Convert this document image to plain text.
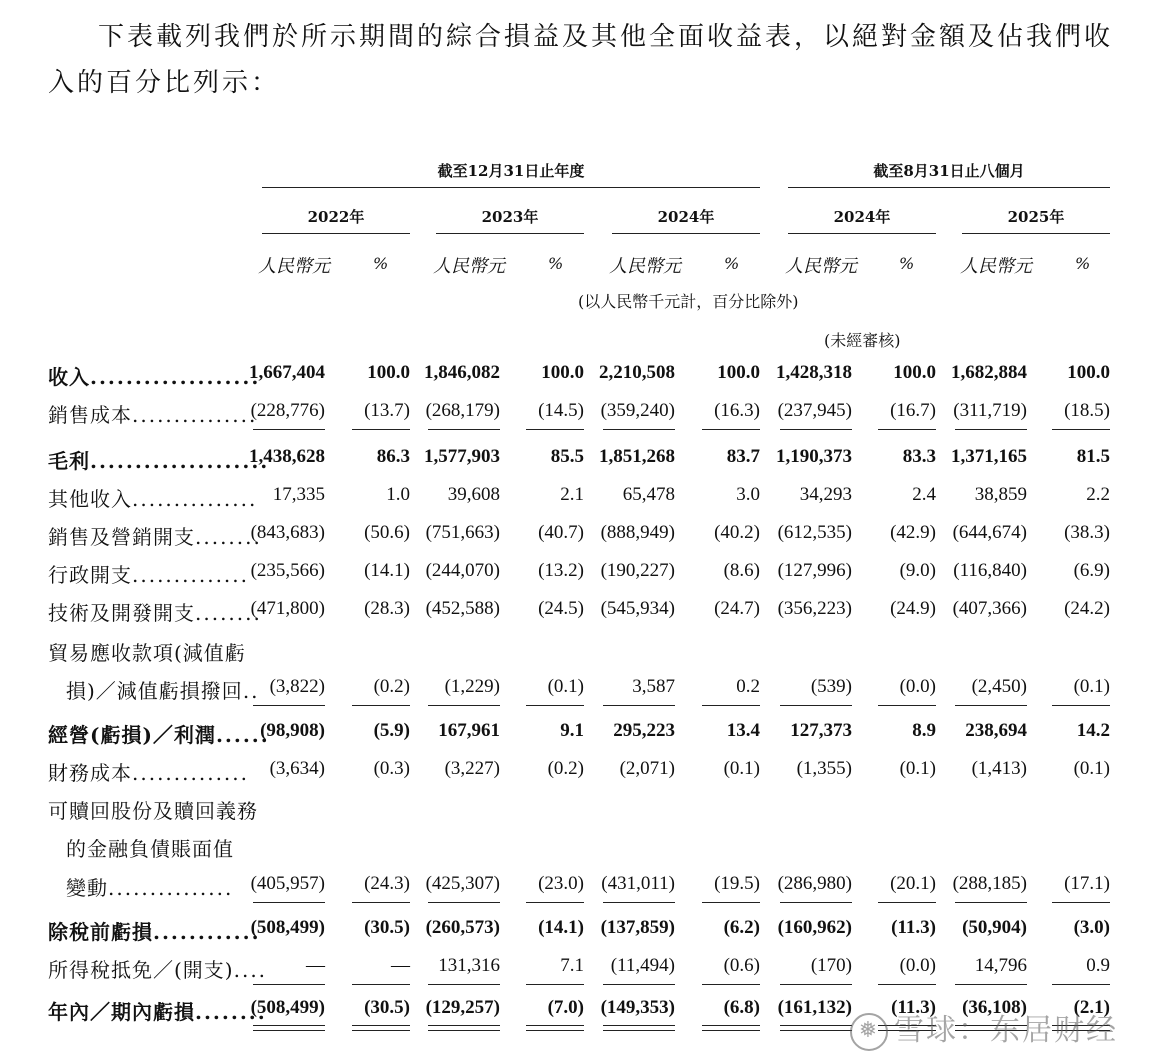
下表載列我們於所示期間的綜合損益及其他全面收益表，以絕對金額及佔我們收
入的百分比列示：
截至12月31日止年度	截至8月31日止八個月
2022年	2023年	2024年	2024年	2025年
人民幣元	% 人民幣元	%	人民幣元	%	人民幣元	%	人民幣元	%
(以人民幣千元計，百分比除外)
(未經審核)
收入...................
1,667,404	100.0 1,846,082	100.0 2,210,508	100.0 1,428,318	100.0 1,682,884	100.0
銷售成本...............
(228,776)	(13.7) (268,179)	(14.5) (359,240)	(16.3) (237,945)	(16.7) (311,719)	(18.5)
毛利....................
1,438,628	86.3 1,577,903	85.5 1,851,268	83.7 1,190,373	83.3 1,371,165	81.5
其他收入............... 17,335	1.0	39,608	2.1	65,478	3.0	34,293	2.4	38,859	2.2
銷售及營銷開支........
(843,683)	(50.6) (751,663)	(40.7) (888,949)	(40.2) (612,535)	(42.9) (644,674)	(38.3)
行政開支.............. (235,566)	(14.1) (244,070)	(13.2) (190,227)	(8.6) (127,996)	(9.0) (116,840)	(6.9)
技術及開發開支........
(471,800)	(28.3) (452,588)	(24.5) (545,934)	(24.7) (356,223)	(24.9) (407,366)	(24.2)
貿易應收款項(減值虧
損)／減值虧損撥回.. (3,822)	(0.2)	(1,229)	(0.1)	3,587	0.2	(539)	(0.0)	(2,450)	(0.1)
經營(虧損)／利潤......
(98,908)	(5.9)	167,961	9.1	295,223	13.4	127,373	8.9	238,694	14.2
財務成本..............	(3,634)	(0.3)	(3,227)	(0.2)	(2,071)	(0.1)	(1,355)	(0.1)	(1,413)	(0.1)
可贖回股份及贖回義務
的金融負債賬面值
變動............... (405,957)	(24.3) (425,307)	(23.0) (431,011)	(19.5) (286,980)	(20.1) (288,185)	(17.1)
除稅前虧損............
(508,499)	(30.5) (260,573)	(14.1) (137,859)	(6.2) (160,962)	(11.3)	(50,904)	(3.0)
所得稅抵免／(開支)....	—	—	131,316	7.1	(11,494)	(0.6)	(170)	(0.0)	14,796	0.9
年內／期內虧損........
(508,499)	(30.5) (129,257)	(7.0) (149,353)	(6.8) (161,132)	(11.3)	(36,108)	(2.1)
❅ 雪球：东居财经
